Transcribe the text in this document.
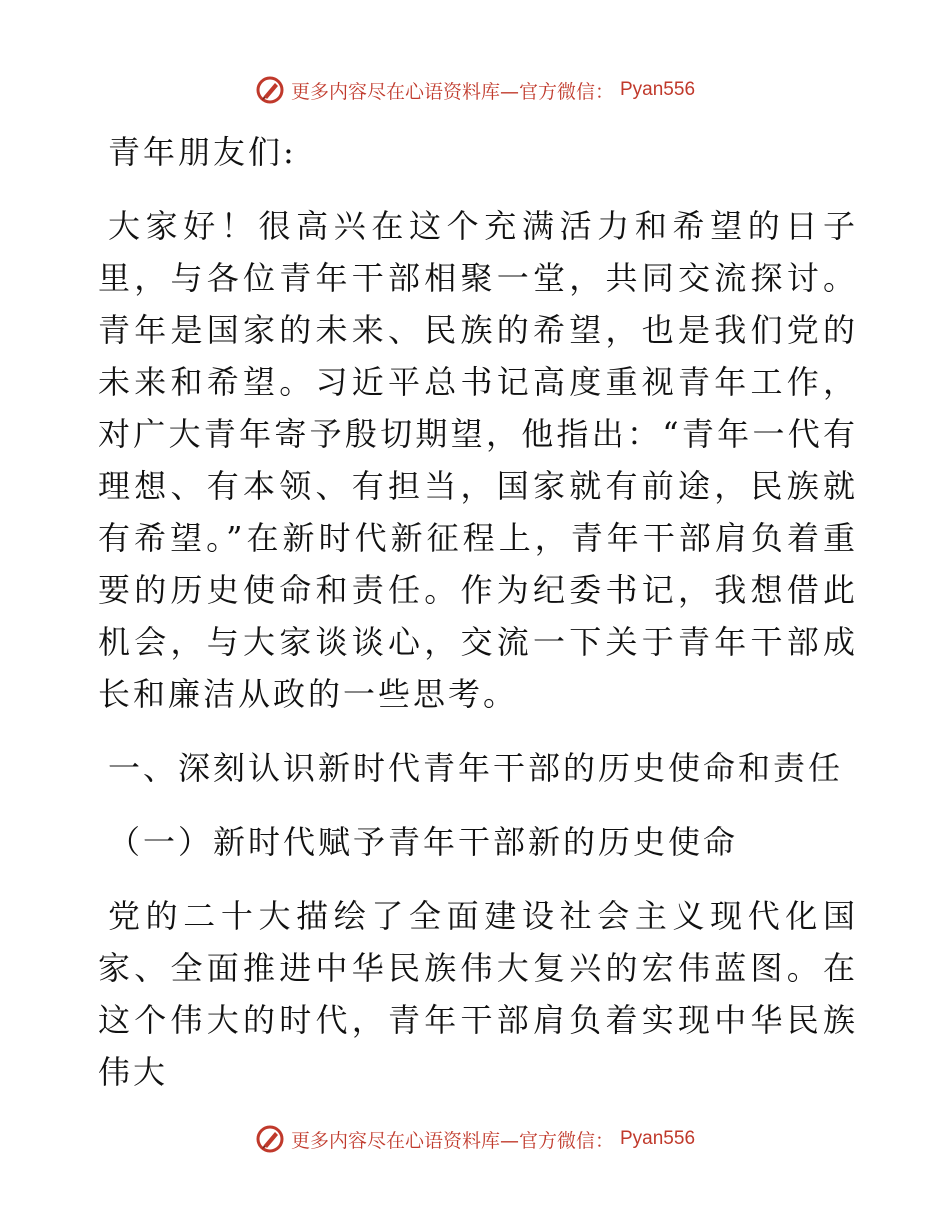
更多内容尽在心语资料库—官方微信： Pyan556

青年朋友们:

大家好！很高兴在这个充满活力和希望的日子里，与各位青年干部相聚一堂，共同交流探讨。青年是国家的未来、民族的希望，也是我们党的未来和希望。习近平总书记高度重视青年工作，对广大青年寄予殷切期望，他指出：“青年一代有理想、有本领、有担当，国家就有前途，民族就有希望。”在新时代新征程上，青年干部肩负着重要的历史使命和责任。作为纪委书记，我想借此机会，与大家谈谈心，交流一下关于青年干部成长和廉洁从政的一些思考。

一、深刻认识新时代青年干部的历史使命和责任

（一）新时代赋予青年干部新的历史使命

党的二十大描绘了全面建设社会主义现代化国家、全面推进中华民族伟大复兴的宏伟蓝图。在这个伟大的时代，青年干部肩负着实现中华民族伟大

更多内容尽在心语资料库—官方微信： Pyan556
